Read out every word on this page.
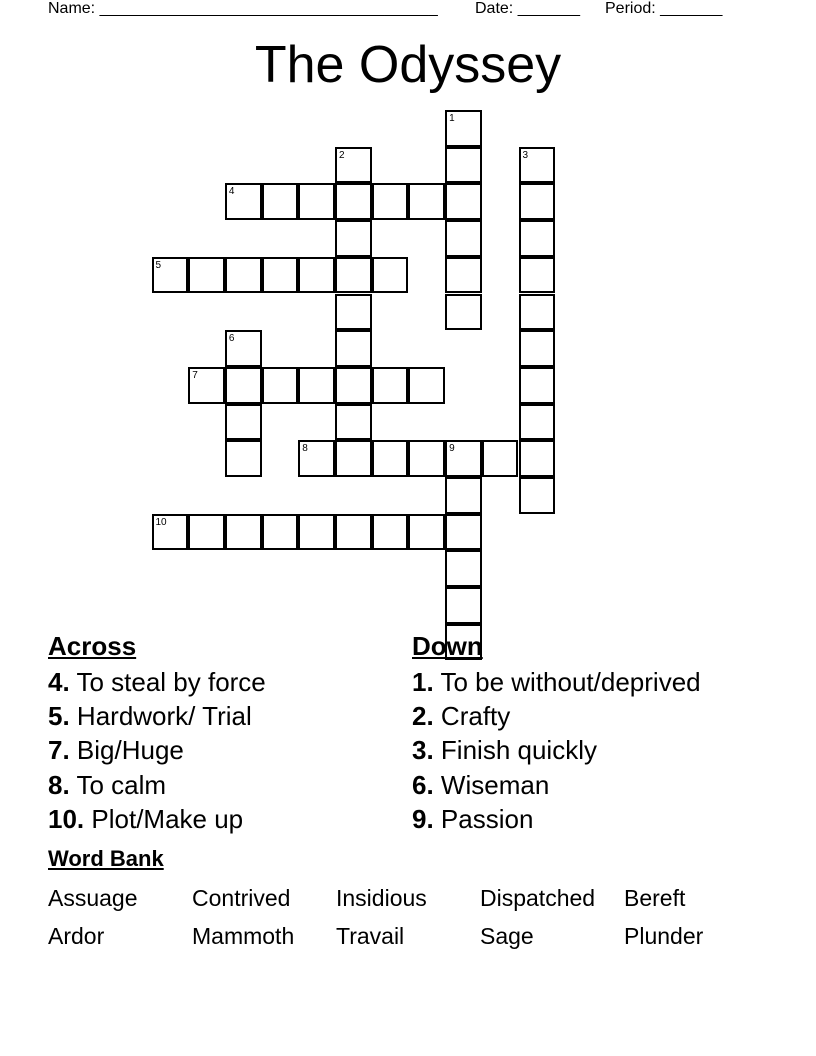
Name: ______________________________________ Date: _______ Period: _______
The Odyssey
1
2	3
4
5
6
7
8	9
10
Across	Down
4. To steal by force
5. Hardwork/ Trial
7. Big/Huge
8. To calm
10. Plot/Make up
1. To be without/deprived
2. Crafty
3. Finish quickly
6. Wiseman
9. Passion
Word Bank
Assuage Contrived Insidious Dispatched Bereft
Ardor	Mammoth Travail	Sage	Plunder
